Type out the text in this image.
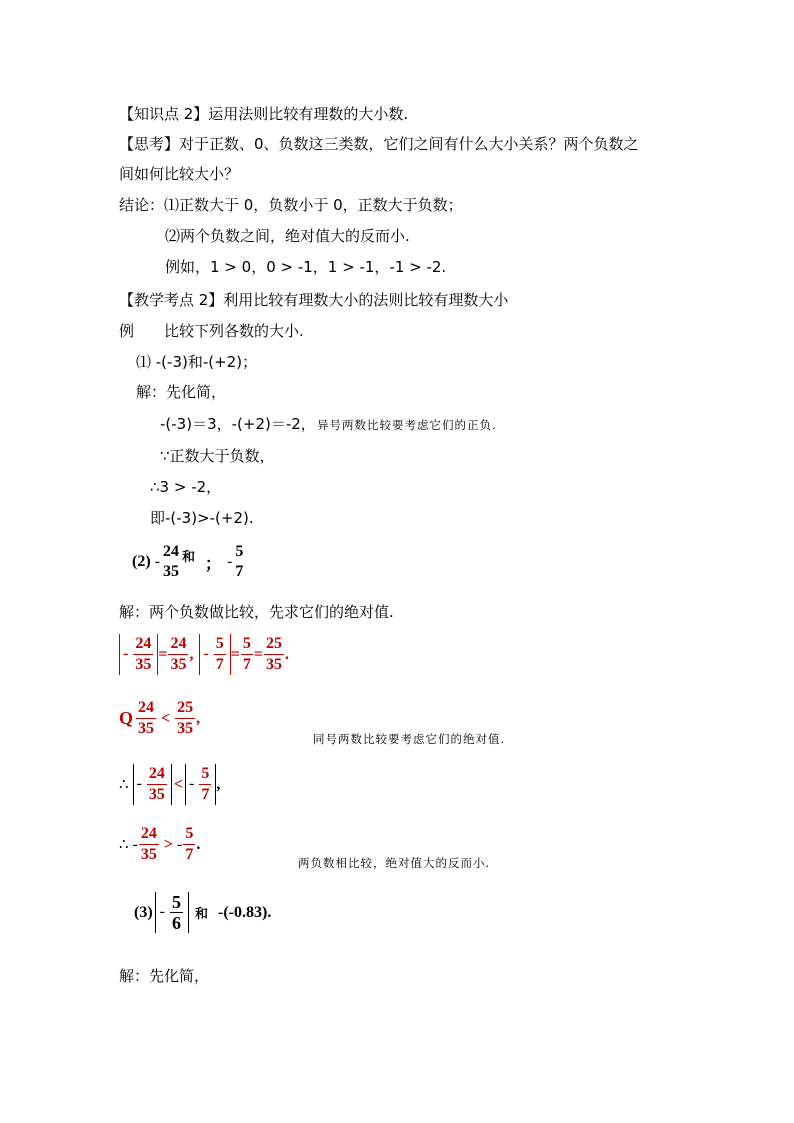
【知识点 2】运用法则比较有理数的大小数.
【思考】对于正数、0、负数这三类数，它们之间有什么大小关系？两个负数之
间如何比较大小？
结论：⑴正数大于 0，负数小于 0，正数大于负数；
⑵两个负数之间，绝对值大的反而小.
例如，1 > 0，0 > -1，1 > -1，-1 > -2.
【教学考点 2】利用比较有理数大小的法则比较有理数大小
例　　比较下列各数的大小.
⑴ -(-3)和-(+2)；
解：先化简，
-(-3)＝3，-(+2)＝-2， 异号两数比较要考虑它们的正负.
∵正数大于负数，
∴3 > -2，
即-(-3)>-(+2).
(2) -
24
35
和 ； -
5
7
解：两个负数做比较，先求它们的绝对值.
- $\frac{24}{35} = \frac{24}{35}$ , - $\frac{5}{7} = \frac{5}{7} = \frac{25}{35}$ .
Q $\frac{24}{35} < \frac{25}{35}$ ,
同号两数比较要考虑它们的绝对值.
∴ - $\frac{24}{35}$ < - $\frac{5}{7}$ ,
∴ - $\frac{24}{35}$ > - $\frac{5}{7}$ .
两负数相比较，绝对值大的反而小.
$(3) - \frac{5}{6}$ 和 -(-0.83).
解：先化简，
